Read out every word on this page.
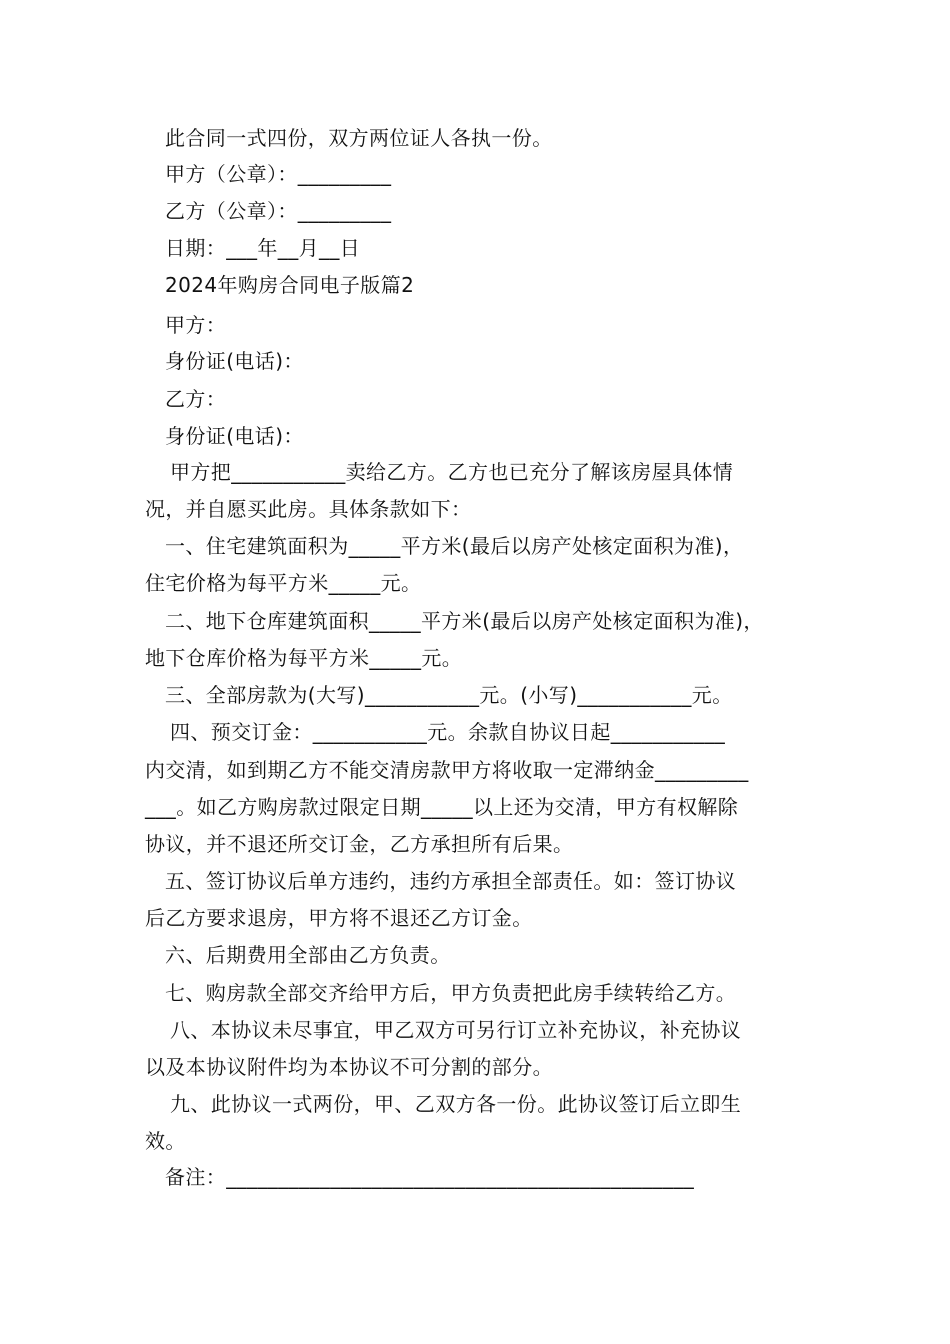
此合同一式四份，双方两位证人各执一份。
甲方（公章）：_________
乙方（公章）：_________
日期：___年__月__日
2024年购房合同电子版篇2
甲方：
身份证(电话)：
乙方：
身份证(电话)：
甲方把___________卖给乙方。乙方也已充分了解该房屋具体情
况，并自愿买此房。具体条款如下：
一、住宅建筑面积为_____平方米(最后以房产处核定面积为准)，
住宅价格为每平方米_____元。
二、地下仓库建筑面积_____平方米(最后以房产处核定面积为准)，
地下仓库价格为每平方米_____元。
三、全部房款为(大写)___________元。(小写)___________元。
四、预交订金：___________元。余款自协议日起___________
内交清，如到期乙方不能交清房款甲方将收取一定滞纳金_________
___。如乙方购房款过限定日期_____以上还为交清，甲方有权解除
协议，并不退还所交订金，乙方承担所有后果。
五、签订协议后单方违约，违约方承担全部责任。如：签订协议
后乙方要求退房，甲方将不退还乙方订金。
六、后期费用全部由乙方负责。
七、购房款全部交齐给甲方后，甲方负责把此房手续转给乙方。
八、本协议未尽事宜，甲乙双方可另行订立补充协议，补充协议
以及本协议附件均为本协议不可分割的部分。
九、此协议一式两份，甲、乙双方各一份。此协议签订后立即生
效。
备注：_____________________________________________
